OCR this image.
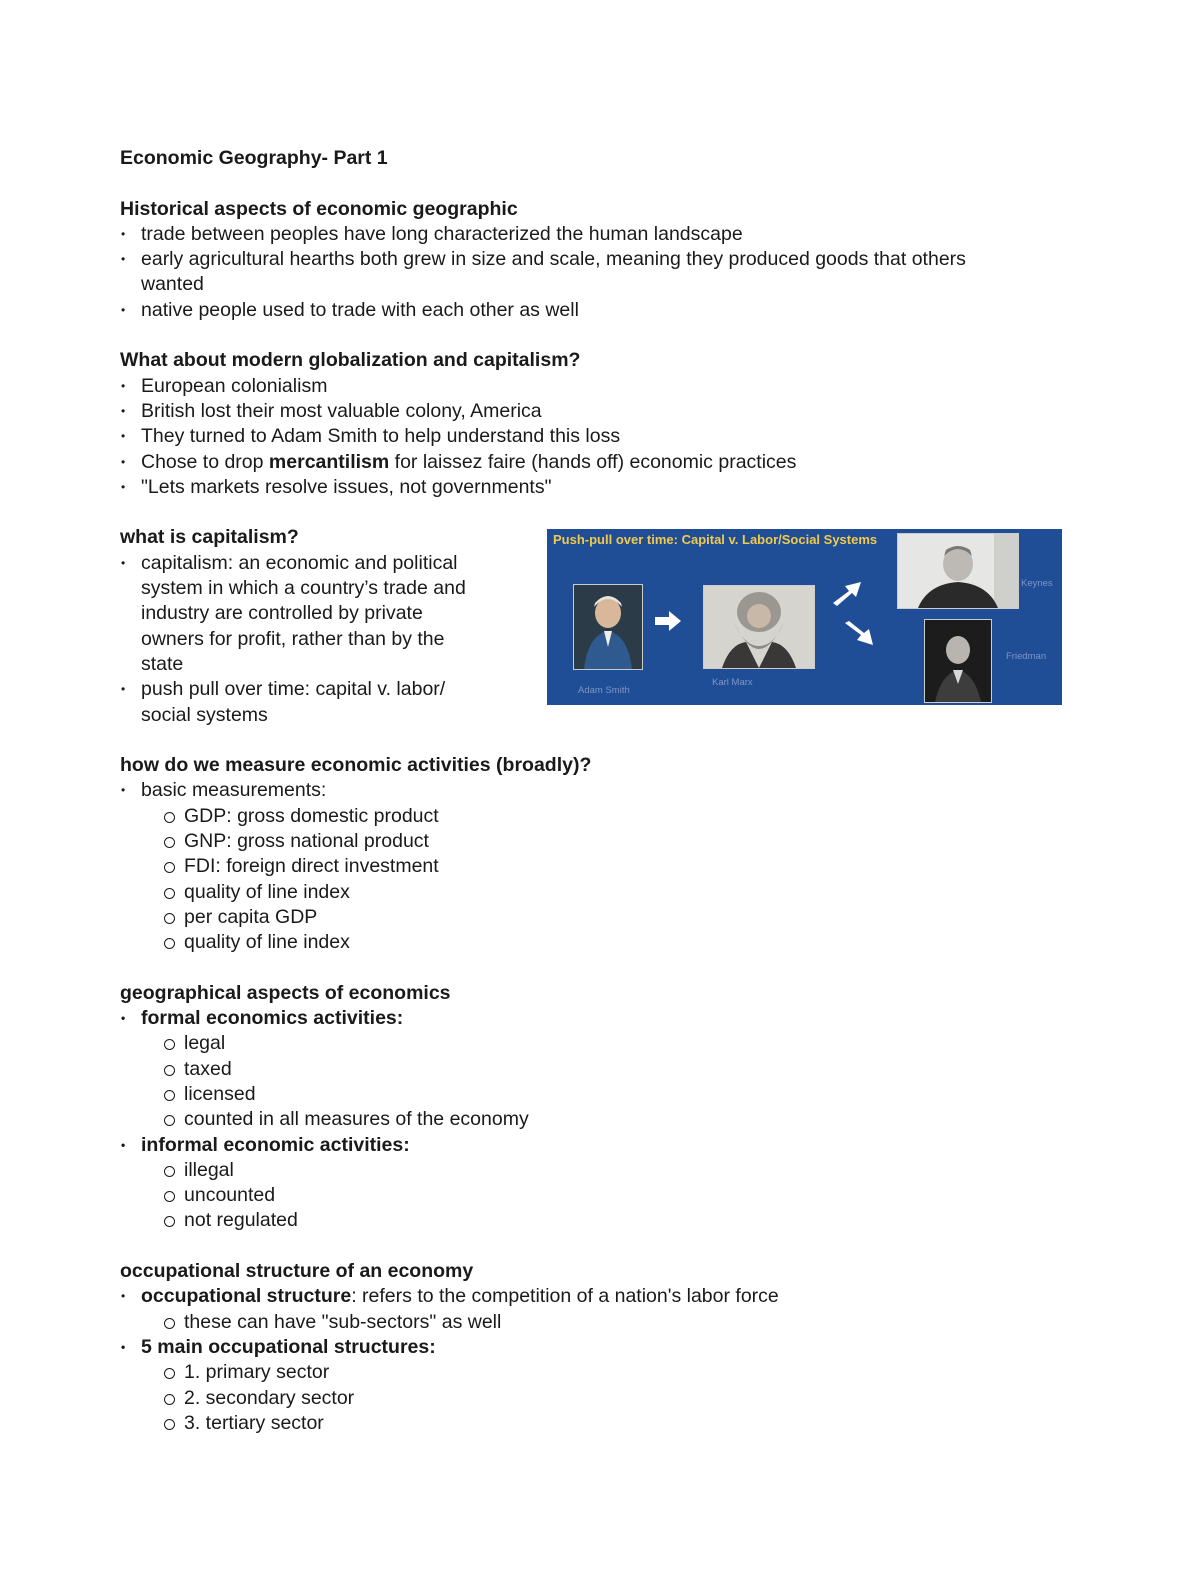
Economic Geography- Part 1
Historical aspects of economic geographic
• trade between peoples have long characterized the human landscape
• early agricultural hearths both grew in size and scale, meaning they produced goods that others
wanted
• native people used to trade with each other as well
What about modern globalization and capitalism?
• European colonialism
• British lost their most valuable colony, America
• They turned to Adam Smith to help understand this loss
• Chose to drop mercantilism for laissez faire (hands off) economic practices
• "Lets markets resolve issues, not governments"
what is capitalism?
• capitalism: an economic and political
system in which a country’s trade and
industry are controlled by private
owners for profit, rather than by the
state
• push pull over time: capital v. labor/
social systems
how do we measure economic activities (broadly)?
• basic measurements:
GDP: gross domestic product
GNP: gross national product
FDI: foreign direct investment
quality of line index
per capita GDP
quality of line index
geographical aspects of economics
• formal economics activities:
legal
taxed
licensed
counted in all measures of the economy
• informal economic activities:
illegal
uncounted
not regulated
occupational structure of an economy
• occupational structure: refers to the competition of a nation's labor force
these can have "sub-sectors" as well
• 5 main occupational structures:
1. primary sector
2. secondary sector
3. tertiary sector
Push-pull over time: Capital v. Labor/Social Systems
Adam Smith
Karl Marx
Keynes
Friedman
